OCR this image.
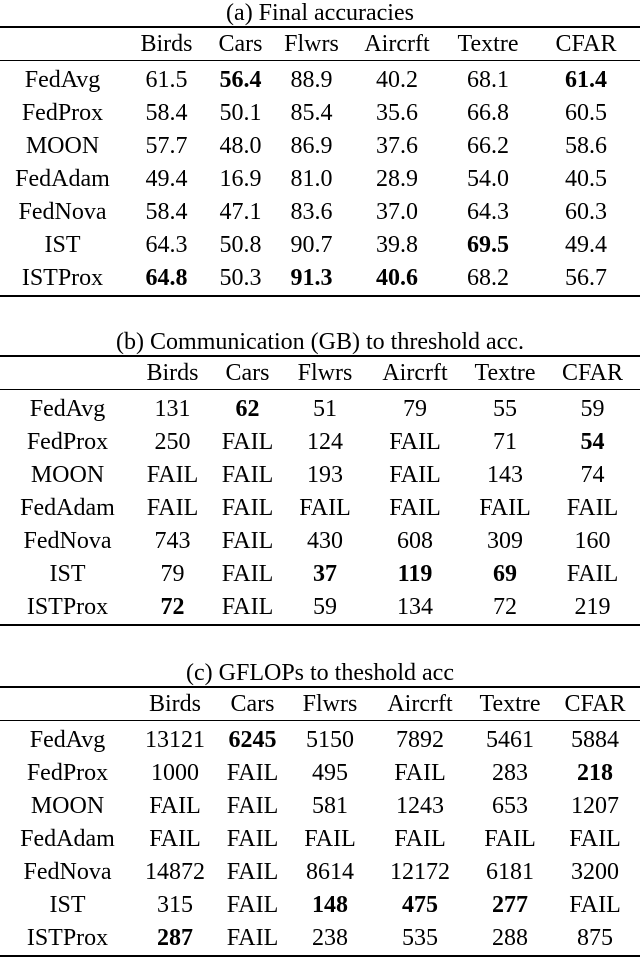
(a) Final accuracies
	Birds	Cars	Flwrs	Aircrft	Textre	CFAR
FedAvg	61.5	56.4	88.9	40.2	68.1	61.4
FedProx	58.4	50.1	85.4	35.6	66.8	60.5
MOON	57.7	48.0	86.9	37.6	66.2	58.6
FedAdam	49.4	16.9	81.0	28.9	54.0	40.5
FedNova	58.4	47.1	83.6	37.0	64.3	60.3
IST	64.3	50.8	90.7	39.8	69.5	49.4
ISTProx	64.8	50.3	91.3	40.6	68.2	56.7
(b) Communication (GB) to threshold acc.
	Birds	Cars	Flwrs	Aircrft	Textre	CFAR
FedAvg	131	62	51	79	55	59
FedProx	250	FAIL	124	FAIL	71	54
MOON	FAIL	FAIL	193	FAIL	143	74
FedAdam	FAIL	FAIL	FAIL	FAIL	FAIL	FAIL
FedNova	743	FAIL	430	608	309	160
IST	79	FAIL	37	119	69	FAIL
ISTProx	72	FAIL	59	134	72	219
(c) GFLOPs to theshold acc
	Birds	Cars	Flwrs	Aircrft	Textre	CFAR
FedAvg	13121	6245	5150	7892	5461	5884
FedProx	1000	FAIL	495	FAIL	283	218
MOON	FAIL	FAIL	581	1243	653	1207
FedAdam	FAIL	FAIL	FAIL	FAIL	FAIL	FAIL
FedNova	14872	FAIL	8614	12172	6181	3200
IST	315	FAIL	148	475	277	FAIL
ISTProx	287	FAIL	238	535	288	875
